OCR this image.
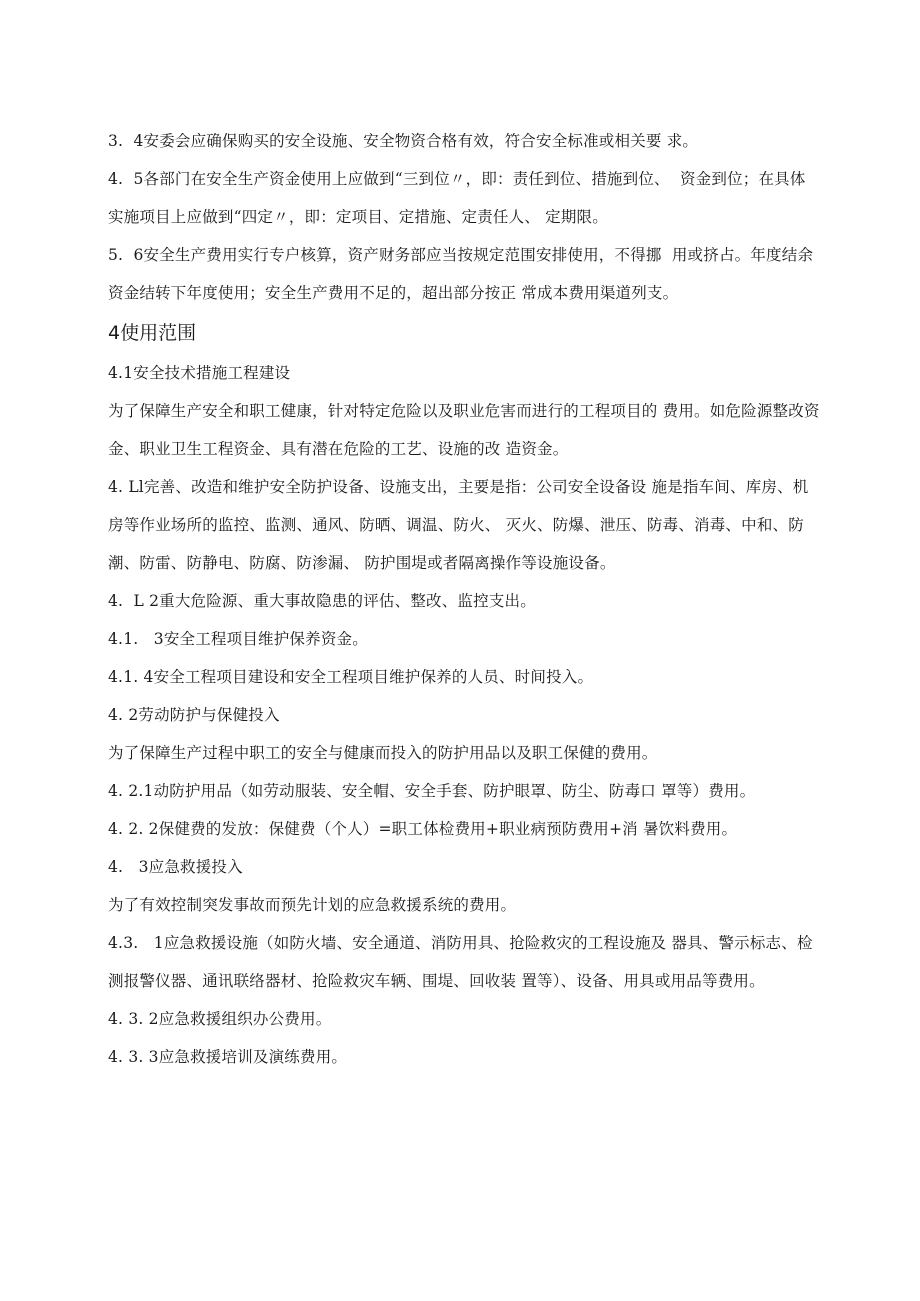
3.  4安委会应确保购买的安全设施、安全物资合格有效，符合安全标准或相关要 求。

4.  5各部门在安全生产资金使用上应做到“三到位〃，即：责任到位、措施到位、  资金到位；在具体实施项目上应做到“四定〃，即：定项目、定措施、定责任人、 定期限。

5.  6安全生产费用实行专户核算，资产财务部应当按规定范围安排使用，不得挪  用或挤占。年度结余资金结转下年度使用；安全生产费用不足的，超出部分按正 常成本费用渠道列支。

4使用范围

4.1安全技术措施工程建设

为了保障生产安全和职工健康，针对特定危险以及职业危害而进行的工程项目的 费用。如危险源整改资金、职业卫生工程资金、具有潜在危险的工艺、设施的改 造资金。

4. Ll完善、改造和维护安全防护设备、设施支出，主要是指：公司安全设备设 施是指车间、库房、机房等作业场所的监控、监测、通风、防晒、调温、防火、 灭火、防爆、泄压、防毒、消毒、中和、防潮、防雷、防静电、防腐、防渗漏、 防护围堤或者隔离操作等设施设备。

4.  L 2重大危险源、重大事故隐患的评估、整改、监控支出。

4.1.   3安全工程项目维护保养资金。

4.1. 4安全工程项目建设和安全工程项目维护保养的人员、时间投入。

4. 2劳动防护与保健投入

为了保障生产过程中职工的安全与健康而投入的防护用品以及职工保健的费用。

4. 2.1动防护用品（如劳动服装、安全帽、安全手套、防护眼罩、防尘、防毒口 罩等）费用。

4. 2. 2保健费的发放：保健费（个人）=职工体检费用+职业病预防费用+消 暑饮料费用。

4.   3应急救援投入

为了有效控制突发事故而预先计划的应急救援系统的费用。

4.3.   1应急救援设施（如防火墙、安全通道、消防用具、抢险救灾的工程设施及 器具、警示标志、检测报警仪器、通讯联络器材、抢险救灾车辆、围堤、回收装 置等）、设备、用具或用品等费用。

4. 3. 2应急救援组织办公费用。

4. 3. 3应急救援培训及演练费用。
